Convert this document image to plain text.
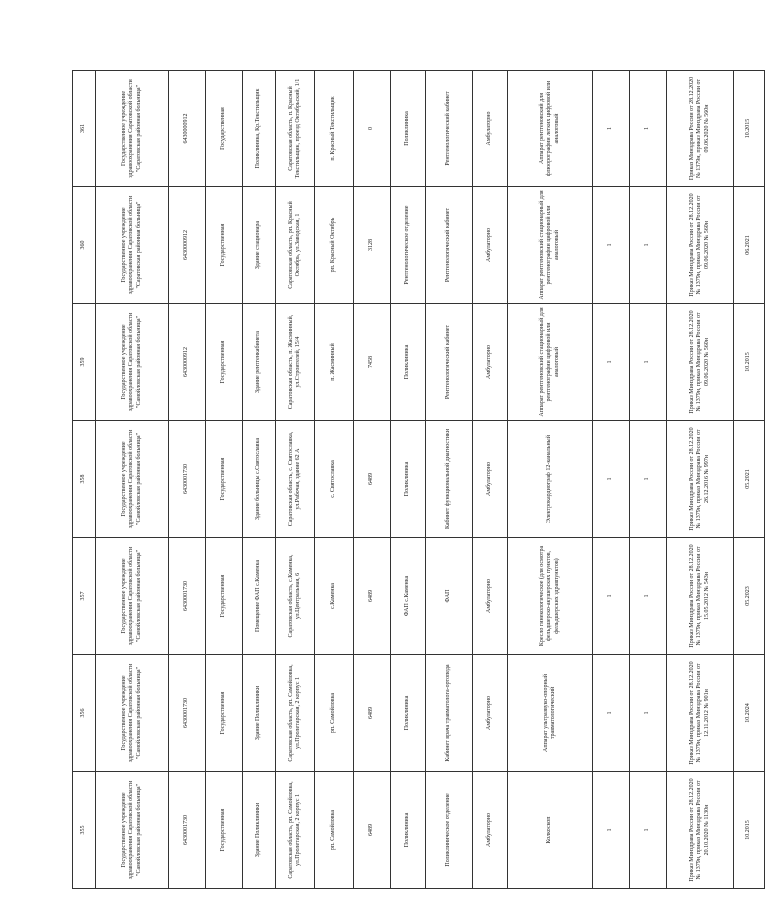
355	356	357	358	359	360	361
Государственное учреждение здравоохранения Саратовской области "Самойловская районная больница"	Государственное учреждение здравоохранения Саратовской области "Самойловская районная больница"	Государственное учреждение здравоохранения Саратовской области "Самойловская районная больница"	Государственное учреждение здравоохранения Саратовской области "Самойловская районная больница"	Государственное учреждение здравоохранения Саратовской области "Самойловская районная больница"	Государственное учреждение здравоохранения Саратовской области "Саратовская районная больница"	Государственное учреждение здравоохранения Саратовской области "Саратовская районная больница"
6430001730	6430001730	6430001730	6430001730	6430000912	6430000912	6430000912
Государственная	Государственная	Государственная	Государственная	Государственная	Государственная	Государственная
Здание Поликлиники	Здание Поликлиники	Помещение ФАП с.Каменка	Здание больницы с.Святославка	Здание рентгенкабинета	Здание стационара	Поликлиника, Кр.Текстильщик
Саратовская область, рп. Самойловка, ул.Пролетарская, 2 корпус 1	Саратовская область, рп. Самойловка, ул.Пролетарская, 2 корпус 1	Саратовская область, с.Каменка, ул.Центральная, 6	Саратовская область, с. Святославка, ул.Рабочая, здание 62 А	Саратовская область, п. Жасминный, ул.Строителей, 15/4	Саратовская область, рп. Красный Октябрь, ул.Заводская, 1	Саратовская область, п. Красный Текстильщик, проезд Октябрьский, 1/1
рп. Самойловка	рп. Самойловка	с.Каменка	с. Святославка	п. Жасминный	рп. Красный Октябрь	п. Красный Текстильщик
6489	6489	6489	6489	7458	3128	0
Поликлиника	Поликлиника	ФАП с.Каменка	Поликлиника	Поликлиника	Рентгенологическое отделение	Поликлиника
Поликлиническое отделение	Кабинет врача травматолога-ортопеда	ФАП	Кабинет функциональной диагностики	Рентгенологический кабинет	Рентгенологический кабинет	Рентгенологический кабинет
Амбулаторно	Амбулаторно	Амбулаторно	Амбулаторно	Амбулаторно	Амбулаторно	Амбулаторно
Колкоскоп	Аппарат ультразвуко-опорный травматологический	Кресло гинекологическое (для осмотра фельдшерско-акушерских пунктов, фельдшерских здравпунктов)	Электрокардиограф 12-канальный	Аппарат рентгеновский стационарный для рентгенографии цифровой или аналоговый	Аппарат рентгеновский стационарный для рентгенографии цифровой или аналоговый	Аппарат рентгеновский для флюорографии легких цифровой или аналоговый
1	1	1	1	1	1	1
1	1	1	1	1	1	1
Приказ Минздрава России от 28.12.2020 № 1379н, приказ Минздрава России от 20.10.2020 № 1130н	Приказ Минздрава России от 28.12.2020 № 1379н, приказ Минздрава России от 12.11.2012 № 901н	Приказ Минздрава России от 28.12.2020 № 1379н, приказ Минздрава России от 15.05.2012 № 543н	Приказ Минздрава России от 28.12.2020 № 1379н, приказ Минздрава России от 26.12.2016 № 997н	Приказ Минздрава России от 28.12.2020 № 1379н, приказ Минздрава России от 09.06.2020 № 560н	Приказ Минздрава России от 28.12.2020 № 1379н, приказ Минздрава России от 09.06.2020 № 560н	Приказ Минздрава России от 28.12.2020 № 1379н, приказ Минздрава России от 09.06.2020 № 560н
10.2015	10.2024	05.2023	05.2021	10.2015	06.2021	10.2015
